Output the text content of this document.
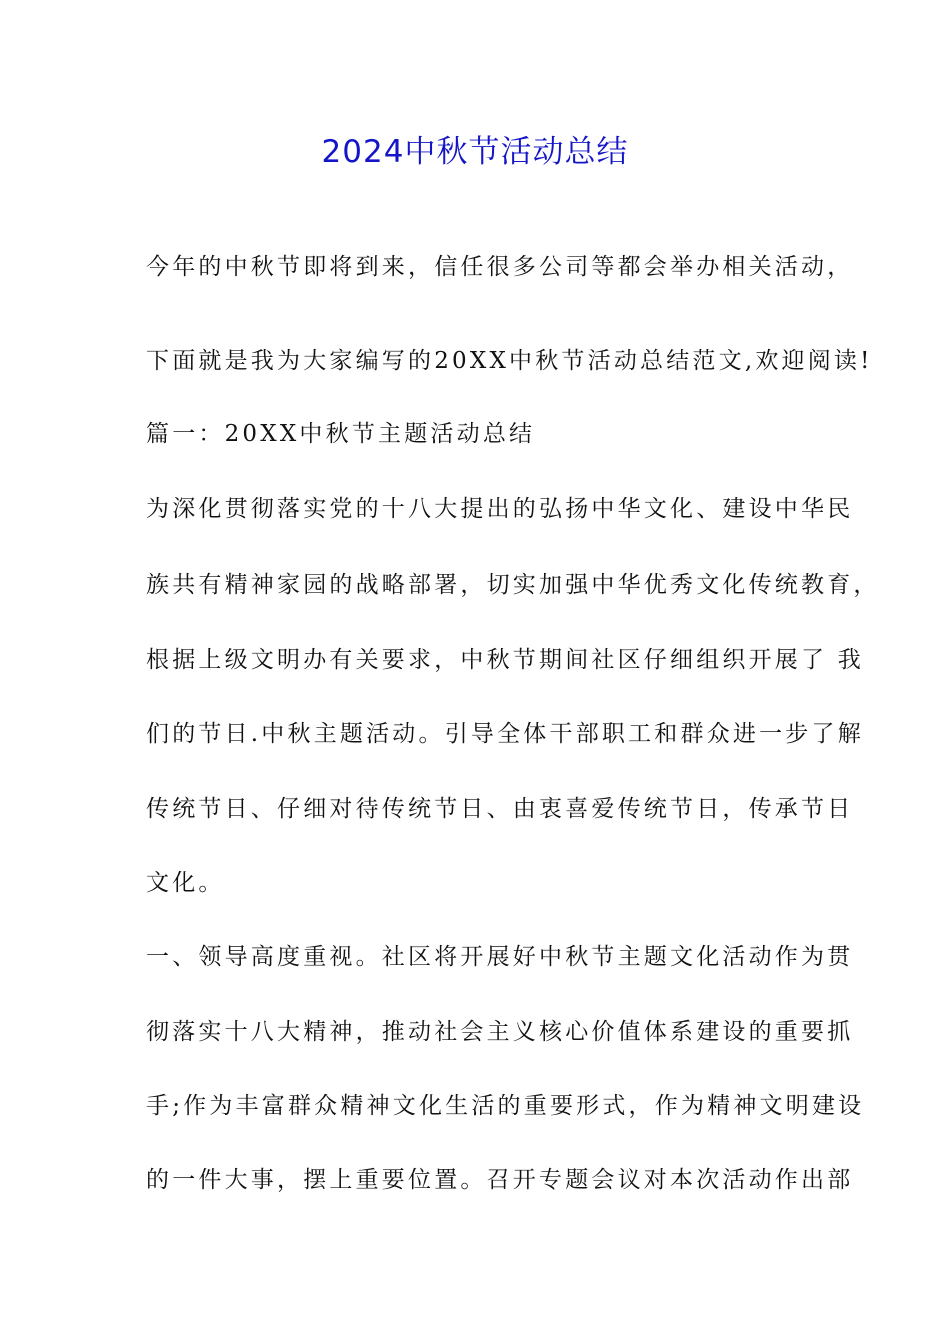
2024中秋节活动总结

今年的中秋节即将到来，信任很多公司等都会举办相关活动，

下面就是我为大家编写的20XX中秋节活动总结范文,欢迎阅读!

篇一：20XX中秋节主题活动总结

为深化贯彻落实党的十八大提出的弘扬中华文化、建设中华民

族共有精神家园的战略部署，切实加强中华优秀文化传统教育，

根据上级文明办有关要求，中秋节期间社区仔细组织开展了 我

们的节日.中秋主题活动。引导全体干部职工和群众进一步了解

传统节日、仔细对待传统节日、由衷喜爱传统节日，传承节日

文化。

一、领导高度重视。社区将开展好中秋节主题文化活动作为贯

彻落实十八大精神，推动社会主义核心价值体系建设的重要抓

手;作为丰富群众精神文化生活的重要形式，作为精神文明建设

的一件大事，摆上重要位置。召开专题会议对本次活动作出部
